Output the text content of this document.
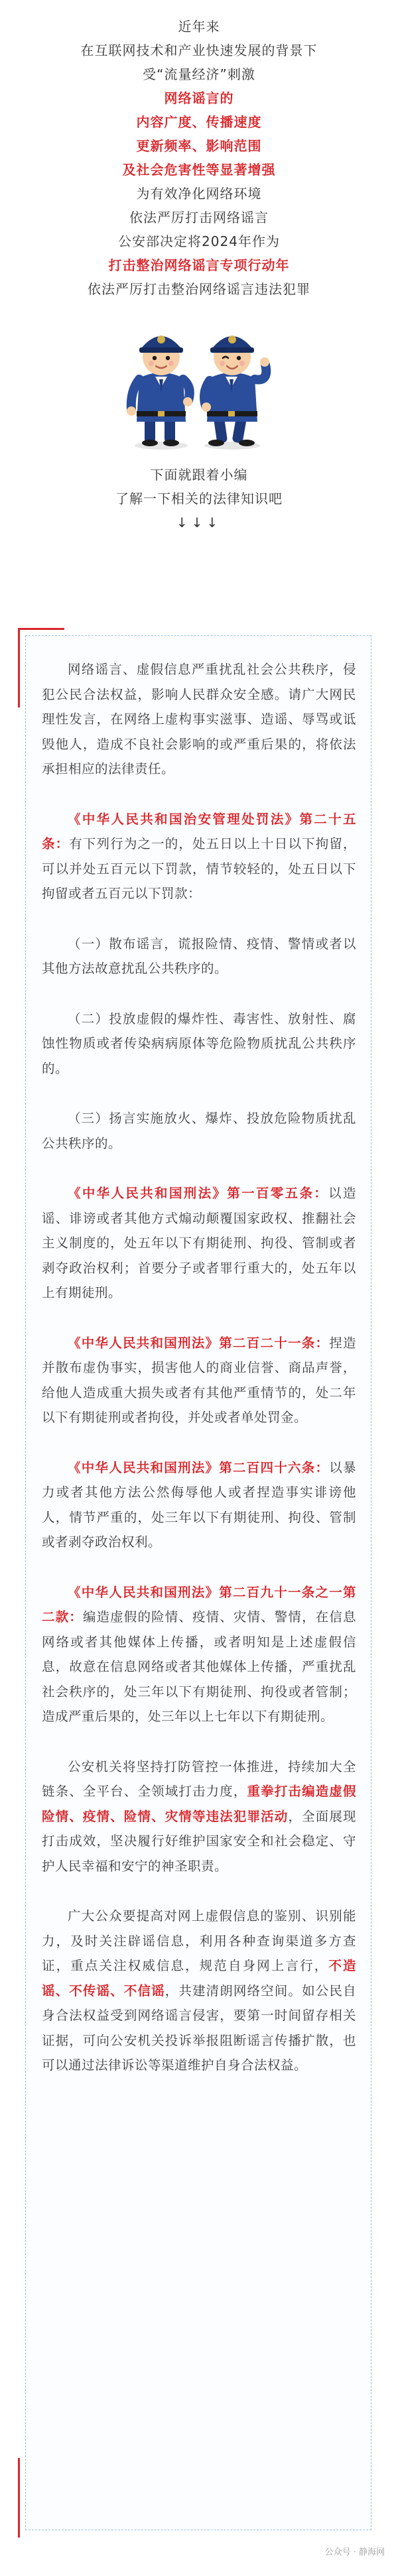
近年来

在互联网技术和产业快速发展的背景下

受“流量经济”刺激

网络谣言的

内容广度、传播速度

更新频率、影响范围

及社会危害性等显著增强

为有效净化网络环境

依法严厉打击网络谣言

公安部决定将2024年作为

打击整治网络谣言专项行动年

依法严厉打击整治网络谣言违法犯罪

下面就跟着小编

了解一下相关的法律知识吧

↓↓↓

网络谣言、虚假信息严重扰乱社会公共秩序，侵犯公民合法权益，影响人民群众安全感。请广大网民理性发言，在网络上虚构事实滋事、造谣、辱骂或诋毁他人，造成不良社会影响的或严重后果的，将依法承担相应的法律责任。

《中华人民共和国治安管理处罚法》第二十五条：有下列行为之一的，处五日以上十日以下拘留，可以并处五百元以下罚款，情节较轻的，处五日以下拘留或者五百元以下罚款：

（一）散布谣言，谎报险情、疫情、警情或者以其他方法故意扰乱公共秩序的。

（二）投放虚假的爆炸性、毒害性、放射性、腐蚀性物质或者传染病病原体等危险物质扰乱公共秩序的。

（三）扬言实施放火、爆炸、投放危险物质扰乱公共秩序的。

《中华人民共和国刑法》第一百零五条：以造谣、诽谤或者其他方式煽动颠覆国家政权、推翻社会主义制度的，处五年以下有期徒刑、拘役、管制或者剥夺政治权利；首要分子或者罪行重大的，处五年以上有期徒刑。

《中华人民共和国刑法》第二百二十一条：捏造并散布虚伪事实，损害他人的商业信誉、商品声誉，给他人造成重大损失或者有其他严重情节的，处二年以下有期徒刑或者拘役，并处或者单处罚金。

《中华人民共和国刑法》第二百四十六条：以暴力或者其他方法公然侮辱他人或者捏造事实诽谤他人，情节严重的，处三年以下有期徒刑、拘役、管制或者剥夺政治权利。

《中华人民共和国刑法》第二百九十一条之一第二款：编造虚假的险情、疫情、灾情、警情，在信息网络或者其他媒体上传播，或者明知是上述虚假信息，故意在信息网络或者其他媒体上传播，严重扰乱社会秩序的，处三年以下有期徒刑、拘役或者管制；造成严重后果的，处三年以上七年以下有期徒刑。

公安机关将坚持打防管控一体推进，持续加大全链条、全平台、全领域打击力度，重拳打击编造虚假险情、疫情、险情、灾情等违法犯罪活动，全面展现打击成效，坚决履行好维护国家安全和社会稳定、守护人民幸福和安宁的神圣职责。

广大公众要提高对网上虚假信息的鉴别、识别能力，及时关注辟谣信息，利用各种查询渠道多方查证，重点关注权威信息，规范自身网上言行，不造谣、不传谣、不信谣，共建清朗网络空间。如公民自身合法权益受到网络谣言侵害，要第一时间留存相关证据，可向公安机关投诉举报阻断谣言传播扩散，也可以通过法律诉讼等渠道维护自身合法权益。

公众号 · 静海网
